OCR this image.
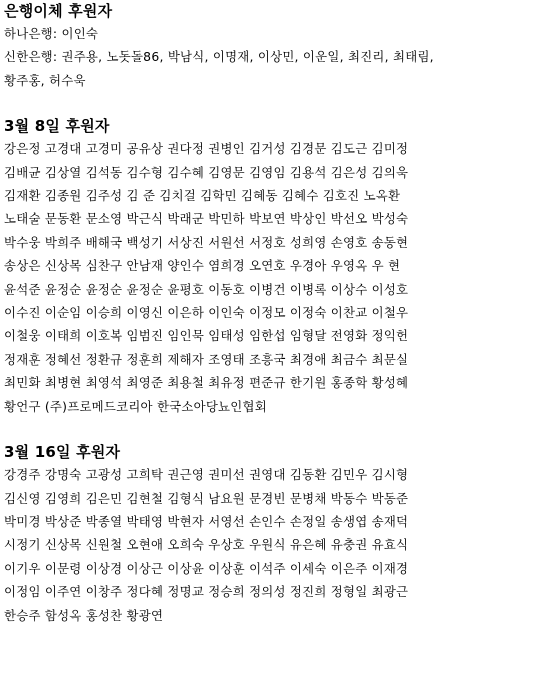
은행이체 후원자
하나은행: 이인숙
신한은행: 권주용, 노돗돌86, 박남식, 이명재, 이상민, 이운일, 최진리, 최태림,
황주홍, 허수욱
3월 8일 후원자
강은정 고경대 고경미 공유상 권다정 권병인 김거성 김경문 김도근 김미정
김배균 김상열 김석동 김수형 김수혜 김영문 김영임 김용석 김은성 김의욱
김재환 김종원 김주성 김 준 김치걸 김학민 김혜동 김혜수 김호진 노옥환
노태술 문동환 문소영 박근식 박래군 박민하 박보연 박상인 박선오 박성숙
박수웅 박희주 배해국 백성기 서상진 서원선 서정호 성희영 손영호 송동현
송상은 신상목 심찬구 안남재 양인수 염희경 오연호 우경아 우영옥 우 현
윤석준 윤정순 윤정순 윤정순 윤평호 이동호 이병건 이병록 이상수 이성호
이수진 이순임 이승희 이영신 이은하 이인숙 이정모 이정숙 이찬교 이철우
이철웅 이태희 이호복 임범진 임인묵 임태성 임한섭 임형달 전영화 정익헌
정재훈 정혜선 정환규 정훈희 제해자 조영태 조흥국 최경애 최금수 최문실
최민화 최병현 최영석 최영준 최용철 최유정 편준규 한기원 홍종학 황성혜
황언구 (주)프로메드코리아 한국소아당뇨인협회
3월 16일 후원자
강경주 강명숙 고광성 고희탁 권근영 권미선 권영대 김동환 김민우 김시형
김신영 김영희 김은민 김현철 김형식 남요원 문경빈 문병채 박동수 박동준
박미경 박상준 박종열 박태영 박현자 서영선 손인수 손정일 송생엽 송재덕
시정기 신상목 신원철 오현애 오희숙 우상호 우원식 유은혜 유충권 유효식
이기우 이문령 이상경 이상근 이상윤 이상훈 이석주 이세숙 이은주 이재경
이정임 이주연 이창주 정다혜 정명교 정승희 정의성 정진희 정형일 최광근
한승주 함성옥 홍성찬 황광연
